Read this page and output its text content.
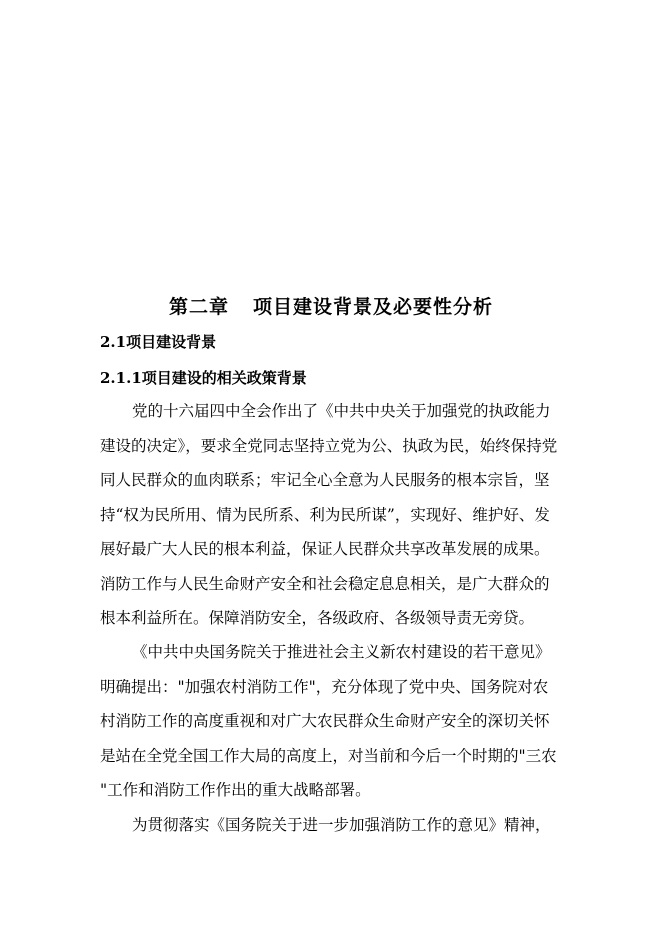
第二章 项目建设背景及必要性分析
2.1项目建设背景
2.1.1项目建设的相关政策背景
党的十六届四中全会作出了《中共中央关于加强党的执政能力
建设的决定》，要求全党同志坚持立党为公、执政为民，始终保持党
同人民群众的血肉联系；牢记全心全意为人民服务的根本宗旨，坚
持“权为民所用、情为民所系、利为民所谋”，实现好、维护好、发
展好最广大人民的根本利益，保证人民群众共享改革发展的成果。
消防工作与人民生命财产安全和社会稳定息息相关，是广大群众的
根本利益所在。保障消防安全，各级政府、各级领导责无旁贷。
《中共中央国务院关于推进社会主义新农村建设的若干意见》
明确提出："加强农村消防工作"，充分体现了党中央、国务院对农
村消防工作的高度重视和对广大农民群众生命财产安全的深切关怀
是站在全党全国工作大局的高度上，对当前和今后一个时期的"三农
"工作和消防工作作出的重大战略部署。
为贯彻落实《国务院关于进一步加强消防工作的意见》精神，
